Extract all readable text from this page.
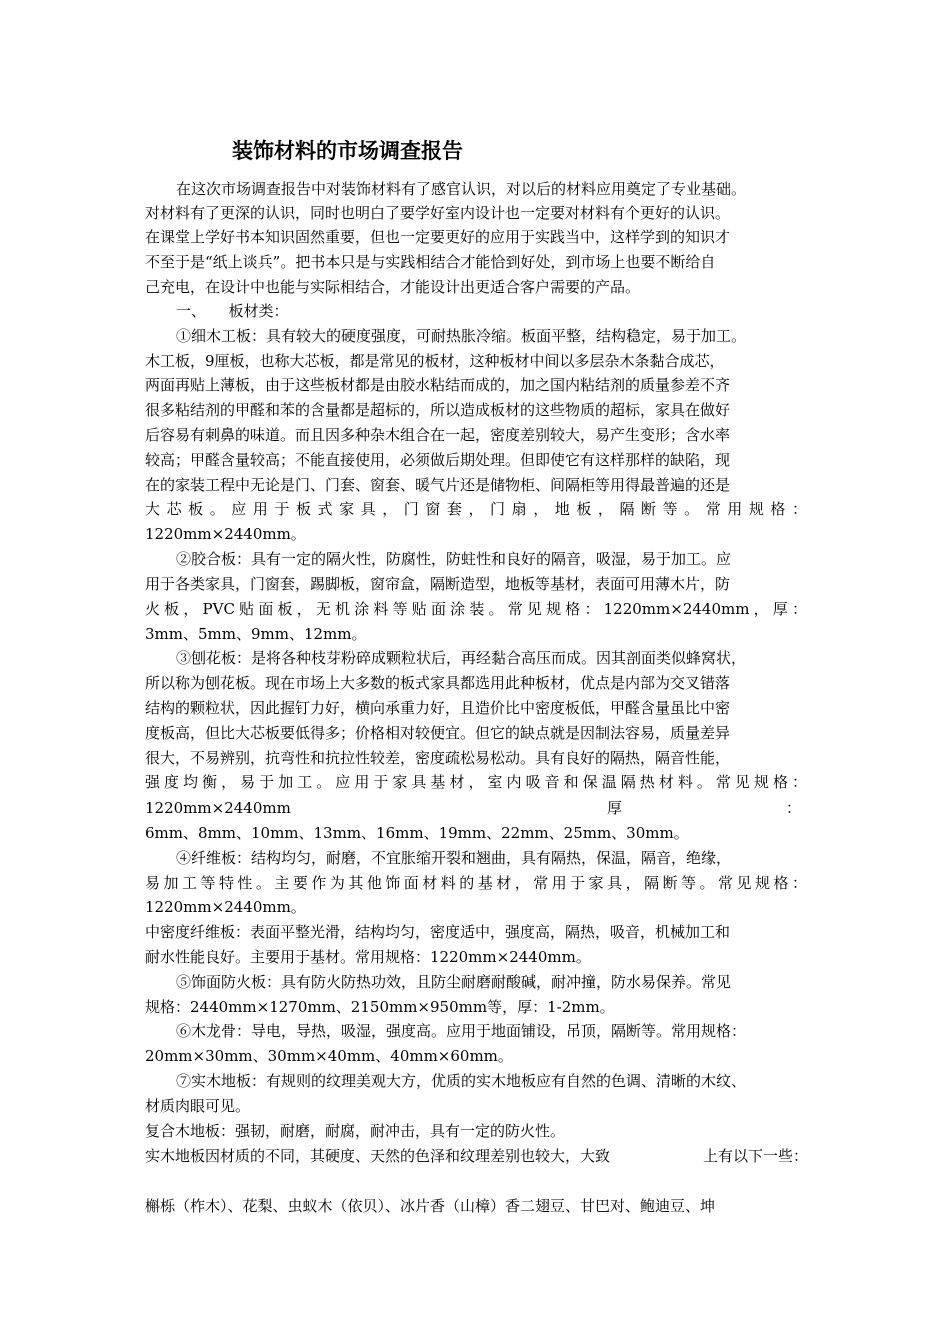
装饰材料的市场调查报告
在这次市场调查报告中对装饰材料有了感官认识，对以后的材料应用奠定了专业基础。
对材料有了更深的认识，同时也明白了要学好室内设计也一定要对材料有个更好的认识。
在课堂上学好书本知识固然重要，但也一定要更好的应用于实践当中，这样学到的知识才
不至于是“纸上谈兵”。把书本只是与实践相结合才能恰到好处，到市场上也要不断给自
己充电，在设计中也能与实际相结合，才能设计出更适合客户需要的产品。
一、　　板材类：
①细木工板：具有较大的硬度强度，可耐热胀冷缩。板面平整，结构稳定，易于加工。
木工板，9厘板，也称大芯板，都是常见的板材，这种板材中间以多层杂木条黏合成芯，
两面再贴上薄板，由于这些板材都是由胶水粘结而成的，加之国内粘结剂的质量参差不齐
很多粘结剂的甲醛和苯的含量都是超标的，所以造成板材的这些物质的超标，家具在做好
后容易有刺鼻的味道。而且因多种杂木组合在一起，密度差别较大，易产生变形；含水率
较高；甲醛含量较高；不能直接使用，必须做后期处理。但即使它有这样那样的缺陷，现
在的家装工程中无论是门、门套、窗套、暖气片还是储物柜、间隔柜等用得最普遍的还是
大芯板。应用于板式家具，门窗套，门扇，地板，隔断等。常用规格：
1220mm×2440mm。
②胶合板：具有一定的隔火性，防腐性，防蛀性和良好的隔音，吸湿，易于加工。应
用于各类家具，门窗套，踢脚板，窗帘盒，隔断造型，地板等基材，表面可用薄木片，防
火板，PVC贴面板，无机涂料等贴面涂装。常见规格：1220mm×2440mm，厚：
3mm、5mm、9mm、12mm。
③刨花板：是将各种枝芽粉碎成颗粒状后，再经黏合高压而成。因其剖面类似蜂窝状，
所以称为刨花板。现在市场上大多数的板式家具都选用此种板材，优点是内部为交叉错落
结构的颗粒状，因此握钉力好，横向承重力好，且造价比中密度板低，甲醛含量虽比中密
度板高，但比大芯板要低得多；价格相对较便宜。但它的缺点就是因制法容易，质量差异
很大，不易辨别，抗弯性和抗拉性较差，密度疏松易松动。具有良好的隔热，隔音性能，
强度均衡，易于加工。应用于家具基材，室内吸音和保温隔热材料。常见规格：
1220mm×2440mm	厚	：
6mm、8mm、10mm、13mm、16mm、19mm、22mm、25mm、30mm。
④纤维板：结构均匀，耐磨，不宜胀缩开裂和翘曲，具有隔热，保温，隔音，绝缘，
易加工等特性。主要作为其他饰面材料的基材，常用于家具，隔断等。常见规格：
1220mm×2440mm。
中密度纤维板：表面平整光滑，结构均匀，密度适中，强度高，隔热，吸音，机械加工和
耐水性能良好。主要用于基材。常用规格：1220mm×2440mm。
⑤饰面防火板：具有防火防热功效，且防尘耐磨耐酸碱，耐冲撞，防水易保养。常见
规格：2440mm×1270mm、2150mm×950mm等，厚：1-2mm。
⑥木龙骨：导电，导热，吸湿，强度高。应用于地面铺设，吊顶，隔断等。常用规格：
20mm×30mm、30mm×40mm、40mm×60mm。
⑦实木地板：有规则的纹理美观大方，优质的实木地板应有自然的色调、清晰的木纹、
材质肉眼可见。
复合木地板：强韧，耐磨，耐腐，耐冲击，具有一定的防火性。
实木地板因材质的不同，其硬度、天然的色泽和纹理差别也较大，大致	上有以下一些：
槲栎（柞木）、花梨、虫蚁木（依贝）、冰片香（山樟）香二翅豆、甘巴对、鲍迪豆、坤
